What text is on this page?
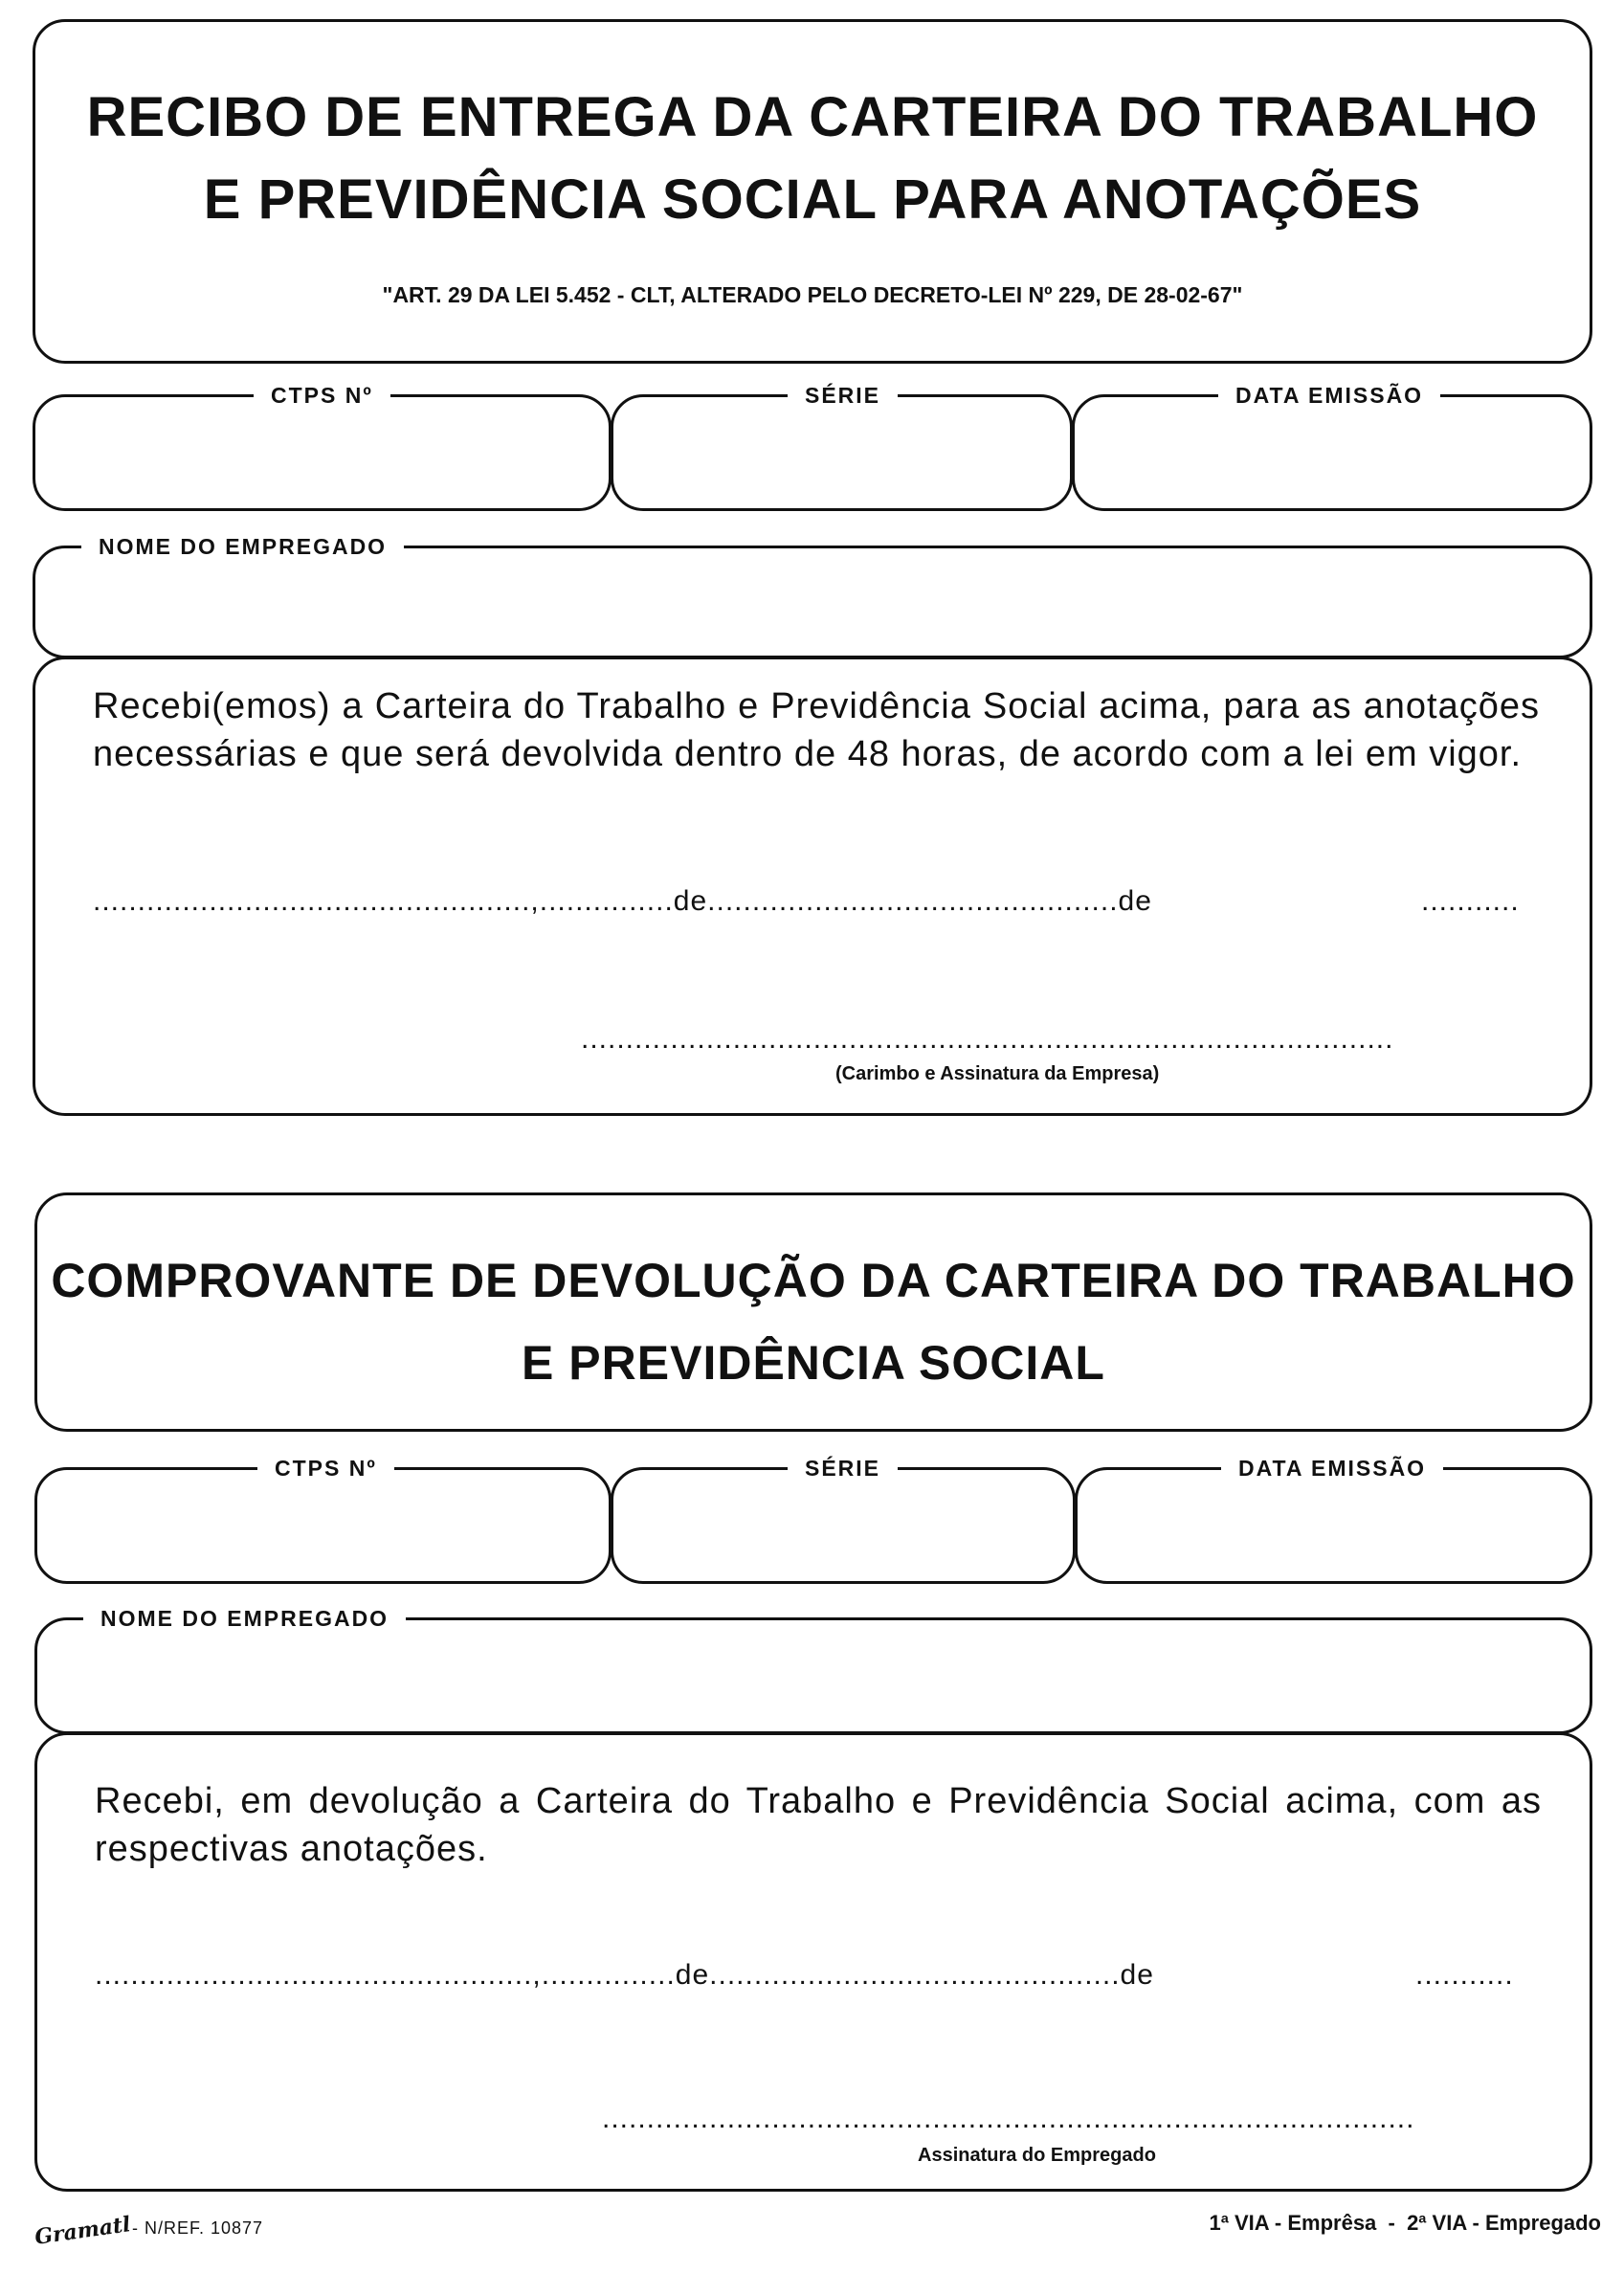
RECIBO DE ENTREGA DA CARTEIRA DO TRABALHO
E PREVIDÊNCIA SOCIAL PARA ANOTAÇÕES
"ART. 29 DA LEI 5.452 - CLT, ALTERADO PELO DECRETO-LEI Nº 229, DE 28-02-67"
CTPS Nº	SÉRIE	DATA EMISSÃO
NOME DO EMPREGADO

Recebi(emos) a Carteira do Trabalho e Previdência Social acima, para as anotações necessárias e que será devolvida dentro de 48 horas, de acordo com a lei em vigor.

.................................................,...............de..............................................de	...........
...........................................................................................
(Carimbo e Assinatura da Empresa)
COMPROVANTE DE DEVOLUÇÃO DA CARTEIRA DO TRABALHO
E PREVIDÊNCIA SOCIAL
CTPS Nº	SÉRIE	DATA EMISSÃO
NOME DO EMPREGADO

Recebi, em devolução a Carteira do Trabalho e Previdência Social acima, com as respectivas anotações.

.................................................,...............de..............................................de	...........
...........................................................................................
Assinatura do Empregado
Gramatl - N/REF. 10877	1ª VIA - Emprêsa  -  2ª VIA - Empregado
